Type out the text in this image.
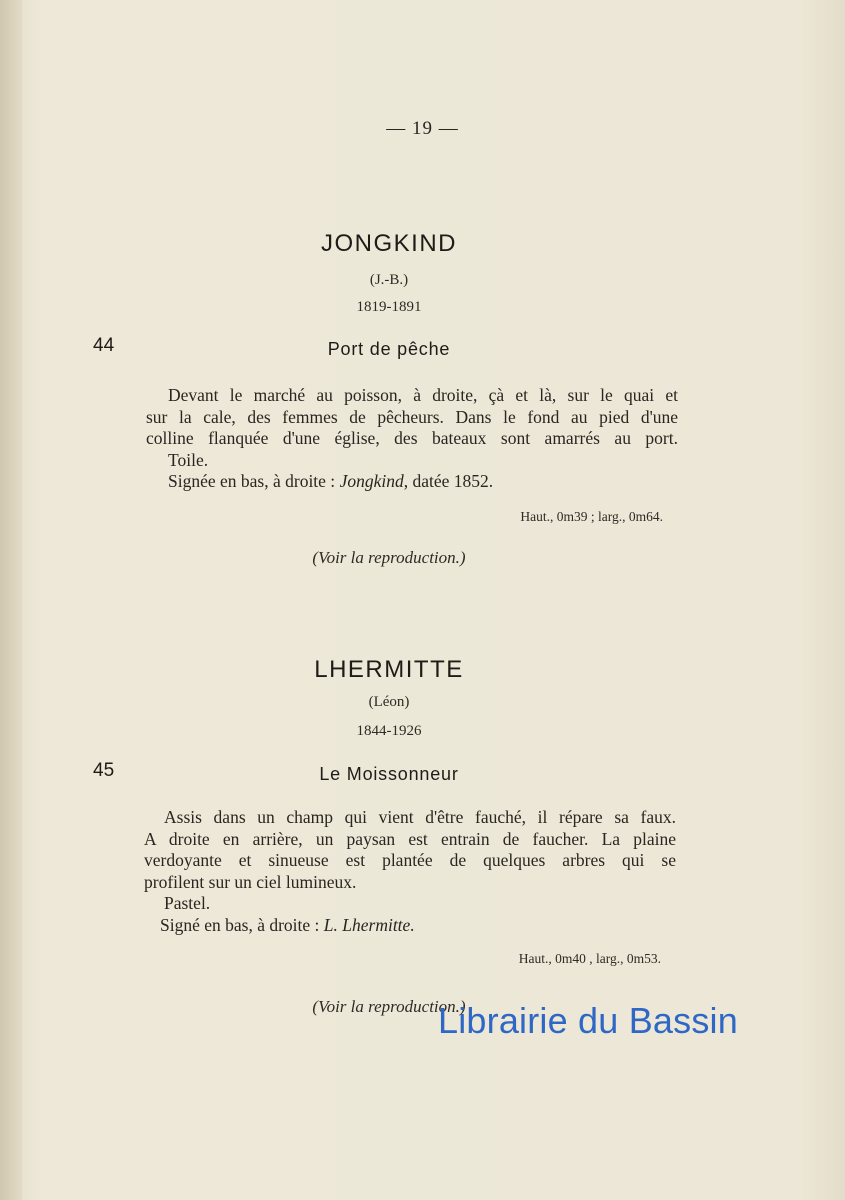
— 19 —
JONGKIND
(J.-B.)
1819-1891
44	Port de pêche
Devant le marché au poisson, à droite, çà et là, sur le quai et
sur la cale, des femmes de pêcheurs. Dans le fond au pied d'une
colline flanquée d'une église, des bateaux sont amarrés au port.
Toile.
Signée en bas, à droite : Jongkind, datée 1852.
Haut., 0m39 ; larg., 0m64.
(Voir la reproduction.)
LHERMITTE
(Léon)
1844-1926
45	Le Moissonneur
Assis dans un champ qui vient d'être fauché, il répare sa faux.
A droite en arrière, un paysan est entrain de faucher. La plaine
verdoyante et sinueuse est plantée de quelques arbres qui se
profilent sur un ciel lumineux.
Pastel.
Signé en bas, à droite : L. Lhermitte.
Haut., 0m40 , larg., 0m53.
(Voir la reproduction.)
Librairie du Bassin
